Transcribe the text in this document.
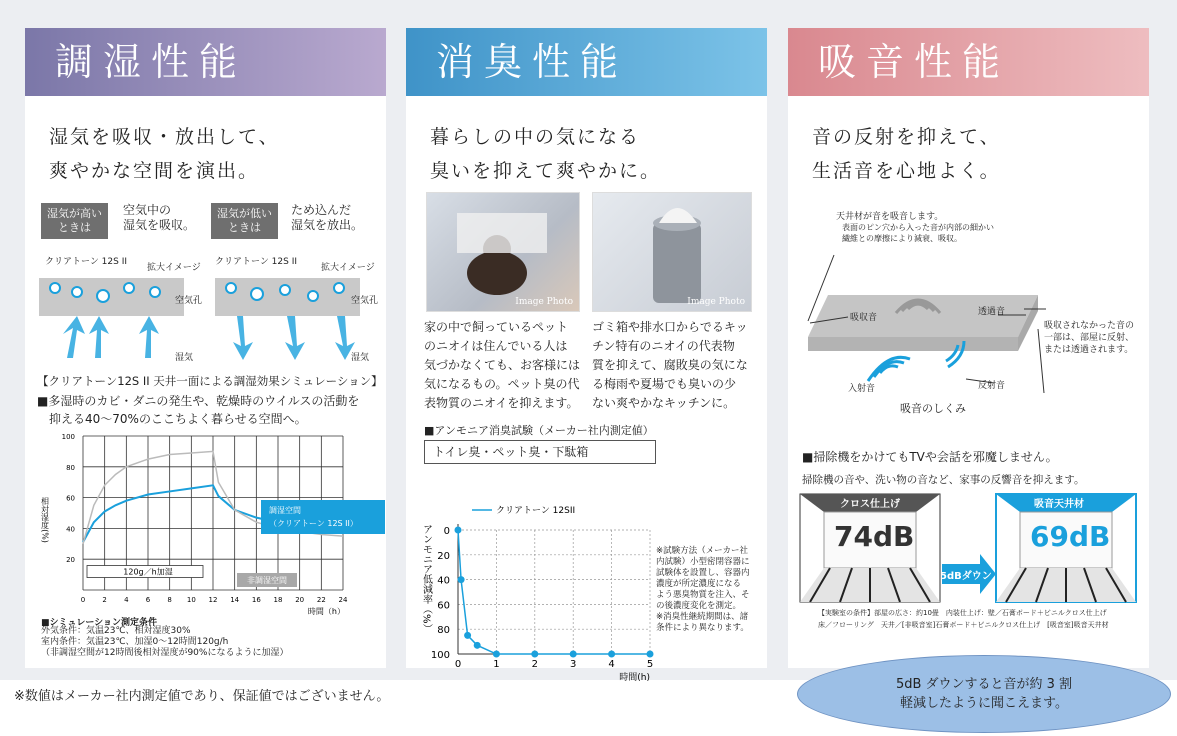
調湿性能
湿気を吸収・放出して、
爽やかな空間を演出。
湿気が高い
ときは
空気中の
湿気を吸収。
湿気が低い
ときは
ため込んだ
湿気を放出。
クリアトーン 12S II
拡大イメージ
クリアトーン 12S II
拡大イメージ
空気孔	空気孔
湿気	湿気
【クリアトーン12S II 天井一面による調湿効果シミュレーション】
■多湿時のカビ・ダニの発生や、乾燥時のウイルスの活動を
　抑える40～70%のここちよく暮らせる空間へ。
0 2 4 6 8 10 12 14 16 18 20 22 24
20
40
60
80
100
時間（h）
相対湿度(%)
120g／h加湿
調湿空間
（クリアトーン 12S II）
非調湿空間
■シミュレーション測定条件
外気条件：気温23℃、相対湿度30%
室内条件：気温23℃、加湿0～12時間120g/h
（非調湿空間が12時間後相対湿度が90%になるように加湿）
消臭性能
暮らしの中の気になる
臭いを抑えて爽やかに。
Image Photo	Image Photo
家の中で飼っているペット
のニオイは住んでいる人は
気づかなくても、お客様には
気になるもの。ペット臭の代
表物質のニオイを抑えます。
ゴミ箱や排水口からでるキッ
チン特有のニオイの代表物
質を抑えて、腐敗臭の気にな
る梅雨や夏場でも臭いの少
ない爽やかなキッチンに。
■アンモニア消臭試験（メーカー社内測定値）
トイレ臭・ペット臭・下駄箱
0
20
40
60
80
100
0	1	2	3	4	5
時間(h)
アンモニア低減率（%）
クリアトーン 12SII
※試験方法（メーカー社
内試験）小型密閉容器に
試験体を設置し、容器内
濃度が所定濃度になる
よう悪臭物質を注入、そ
の後濃度変化を測定。
※消臭性継続期間は、諸
条件により異なります。
吸音性能
音の反射を抑えて、
生活音を心地よく。
天井材が音を吸音します。
表面のピン穴から入った音が内部の細かい
繊維との摩擦により減衰、吸収。
透過音
吸収音
吸収されなかった音の
一部は、部屋に反射、
または透過されます。
反射音
入射音
吸音のしくみ
■掃除機をかけてもTVや会話を邪魔しません。
掃除機の音や、洗い物の音など、家事の反響音を抑えます。
クロス仕上げ
74dB
吸音天井材
69dB
5dBダウン
【実験室の条件】部屋の広さ：約10畳　内装仕上げ：壁／石膏ボード＋ビニルクロス仕上げ
床／フローリング　天井／[非吸音室]石膏ボード＋ビニルクロス仕上げ　[吸音室]吸音天井材
※数値はメーカー社内測定値であり、保証値ではございません。
5dB ダウンすると音が約 3 割
軽減したように聞こえます。
